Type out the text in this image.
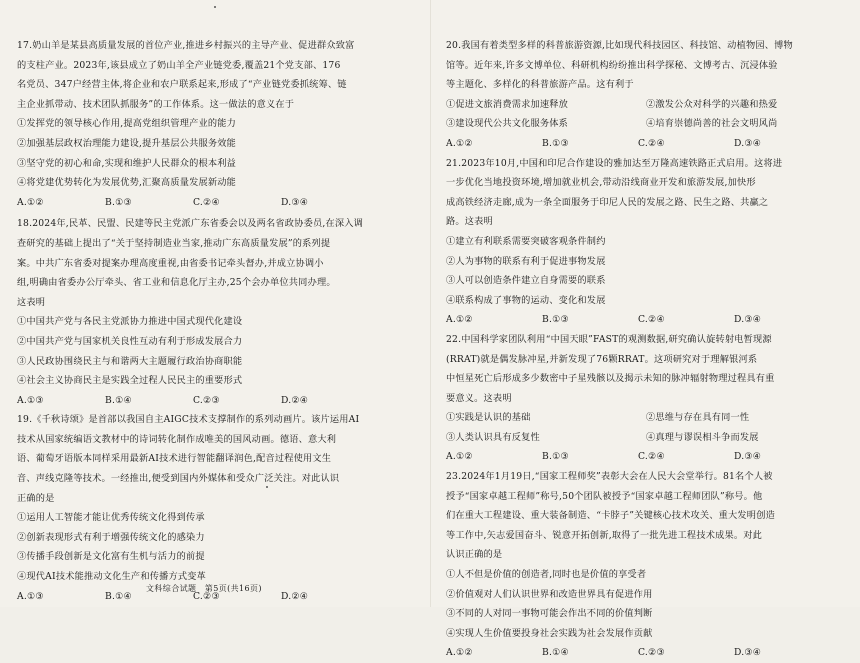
17.奶山羊是某县高质量发展的首位产业,推进乡村振兴的主导产业、促进群众致富

的支柱产业。2023年,该县成立了奶山羊全产业链党委,覆盖21个党支部、176

名党员、347户经营主体,将企业和农户联系起来,形成了“产业链党委抓统筹、链

主企业抓带动、技术团队抓服务”的工作体系。这一做法的意义在于

①发挥党的领导核心作用,提高党组织管理产业的能力

②加强基层政权治理能力建设,提升基层公共服务效能

③坚守党的初心和命,实现和维护人民群众的根本利益

④将党建优势转化为发展优势,汇聚高质量发展新动能

A.①②	B.①③	C.②④	D.③④

18.2024年,民革、民盟、民建等民主党派广东省委会以及两名省政协委员,在深入调

查研究的基础上提出了“关于坚持制造业当家,推动广东高质量发展”的系列提

案。中共广东省委对提案办理高度重视,由省委书记牵头督办,并成立协调小

组,明确由省委办公厅牵头、省工业和信息化厅主办,25个会办单位共同办理。

这表明

①中国共产党与各民主党派协力推进中国式现代化建设

②中国共产党与国家机关良性互动有利于形成发展合力

③人民政协围绕民主与和谐两大主题履行政治协商职能

④社会主义协商民主是实践全过程人民民主的重要形式

A.①③	B.①④	C.②③	D.②④

19.《千秋诗颂》是首部以我国自主AIGC技术支撑制作的系列动画片。该片运用AI

技术从国家统编语文教材中的诗词转化制作成唯美的国风动画。德语、意大利

语、葡萄牙语版本同样采用最新AI技术进行智能翻译润色,配音过程使用文生

音、声线克隆等技术。一经推出,便受到国内外媒体和受众广泛关注。对此认识

正确的是

①运用人工智能才能让优秀传统文化得到传承

②创新表现形式有利于增强传统文化的感染力

③传播手段创新是文化富有生机与活力的前提

④现代AI技术能推动文化生产和传播方式变革

A.①③	B.①④	C.②③	D.②④

20.我国有着类型多样的科普旅游资源,比如现代科技园区、科技馆、动植物园、博物

馆等。近年来,许多文博单位、科研机构纷纷推出科学探秘、文博考古、沉浸体验

等主题化、多样化的科普旅游产品。这有利于

①促进文旅消费需求加速释放	②激发公众对科学的兴趣和热爱
③建设现代公共文化服务体系	④培育崇德尚善的社会文明风尚
A.①②	B.①③	C.②④	D.③④

21.2023年10月,中国和印尼合作建设的雅加达至万隆高速铁路正式启用。这将进

一步优化当地投资环境,增加就业机会,带动沿线商业开发和旅游发展,加快形

成高铁经济走廊,成为一条全面服务于印尼人民的发展之路、民生之路、共赢之

路。这表明

①建立有利联系需要突破客观条件制约

②人为事物的联系有利于促进事物发展

③人可以创造条件建立自身需要的联系

④联系构成了事物的运动、变化和发展

A.①②	B.①③	C.②④	D.③④

22.中国科学家团队利用“中国天眼”FAST的观测数据,研究确认旋转射电暂现源

(RRAT)就是偶发脉冲星,并新发现了76颗RRAT。这项研究对于理解银河系

中恒星死亡后形成多少数密中子星残骸以及揭示未知的脉冲辐射物理过程具有重

要意义。这表明

①实践是认识的基础	②思维与存在具有同一性
③人类认识具有反复性	④真理与谬误相斗争而发展
A.①②	B.①③	C.②④	D.③④

23.2024年1月19日,“国家工程师奖”表彰大会在人民大会堂举行。81名个人被

授予“国家卓越工程师”称号,50个团队被授予“国家卓越工程师团队”称号。他

们在重大工程建设、重大装备制造、“卡脖子”关键核心技术攻关、重大发明创造

等工作中,矢志爱国奋斗、锐意开拓创新,取得了一批先进工程技术成果。对此

认识正确的是

①人不但是价值的创造者,同时也是价值的享受者

②价值观对人们认识世界和改造世界具有促进作用

③不同的人对同一事物可能会作出不同的价值判断

④实现人生价值要投身社会实践为社会发展作贡献

A.①②	B.①④	C.②③	D.③④
文科综合试题　第5页(共16页)
